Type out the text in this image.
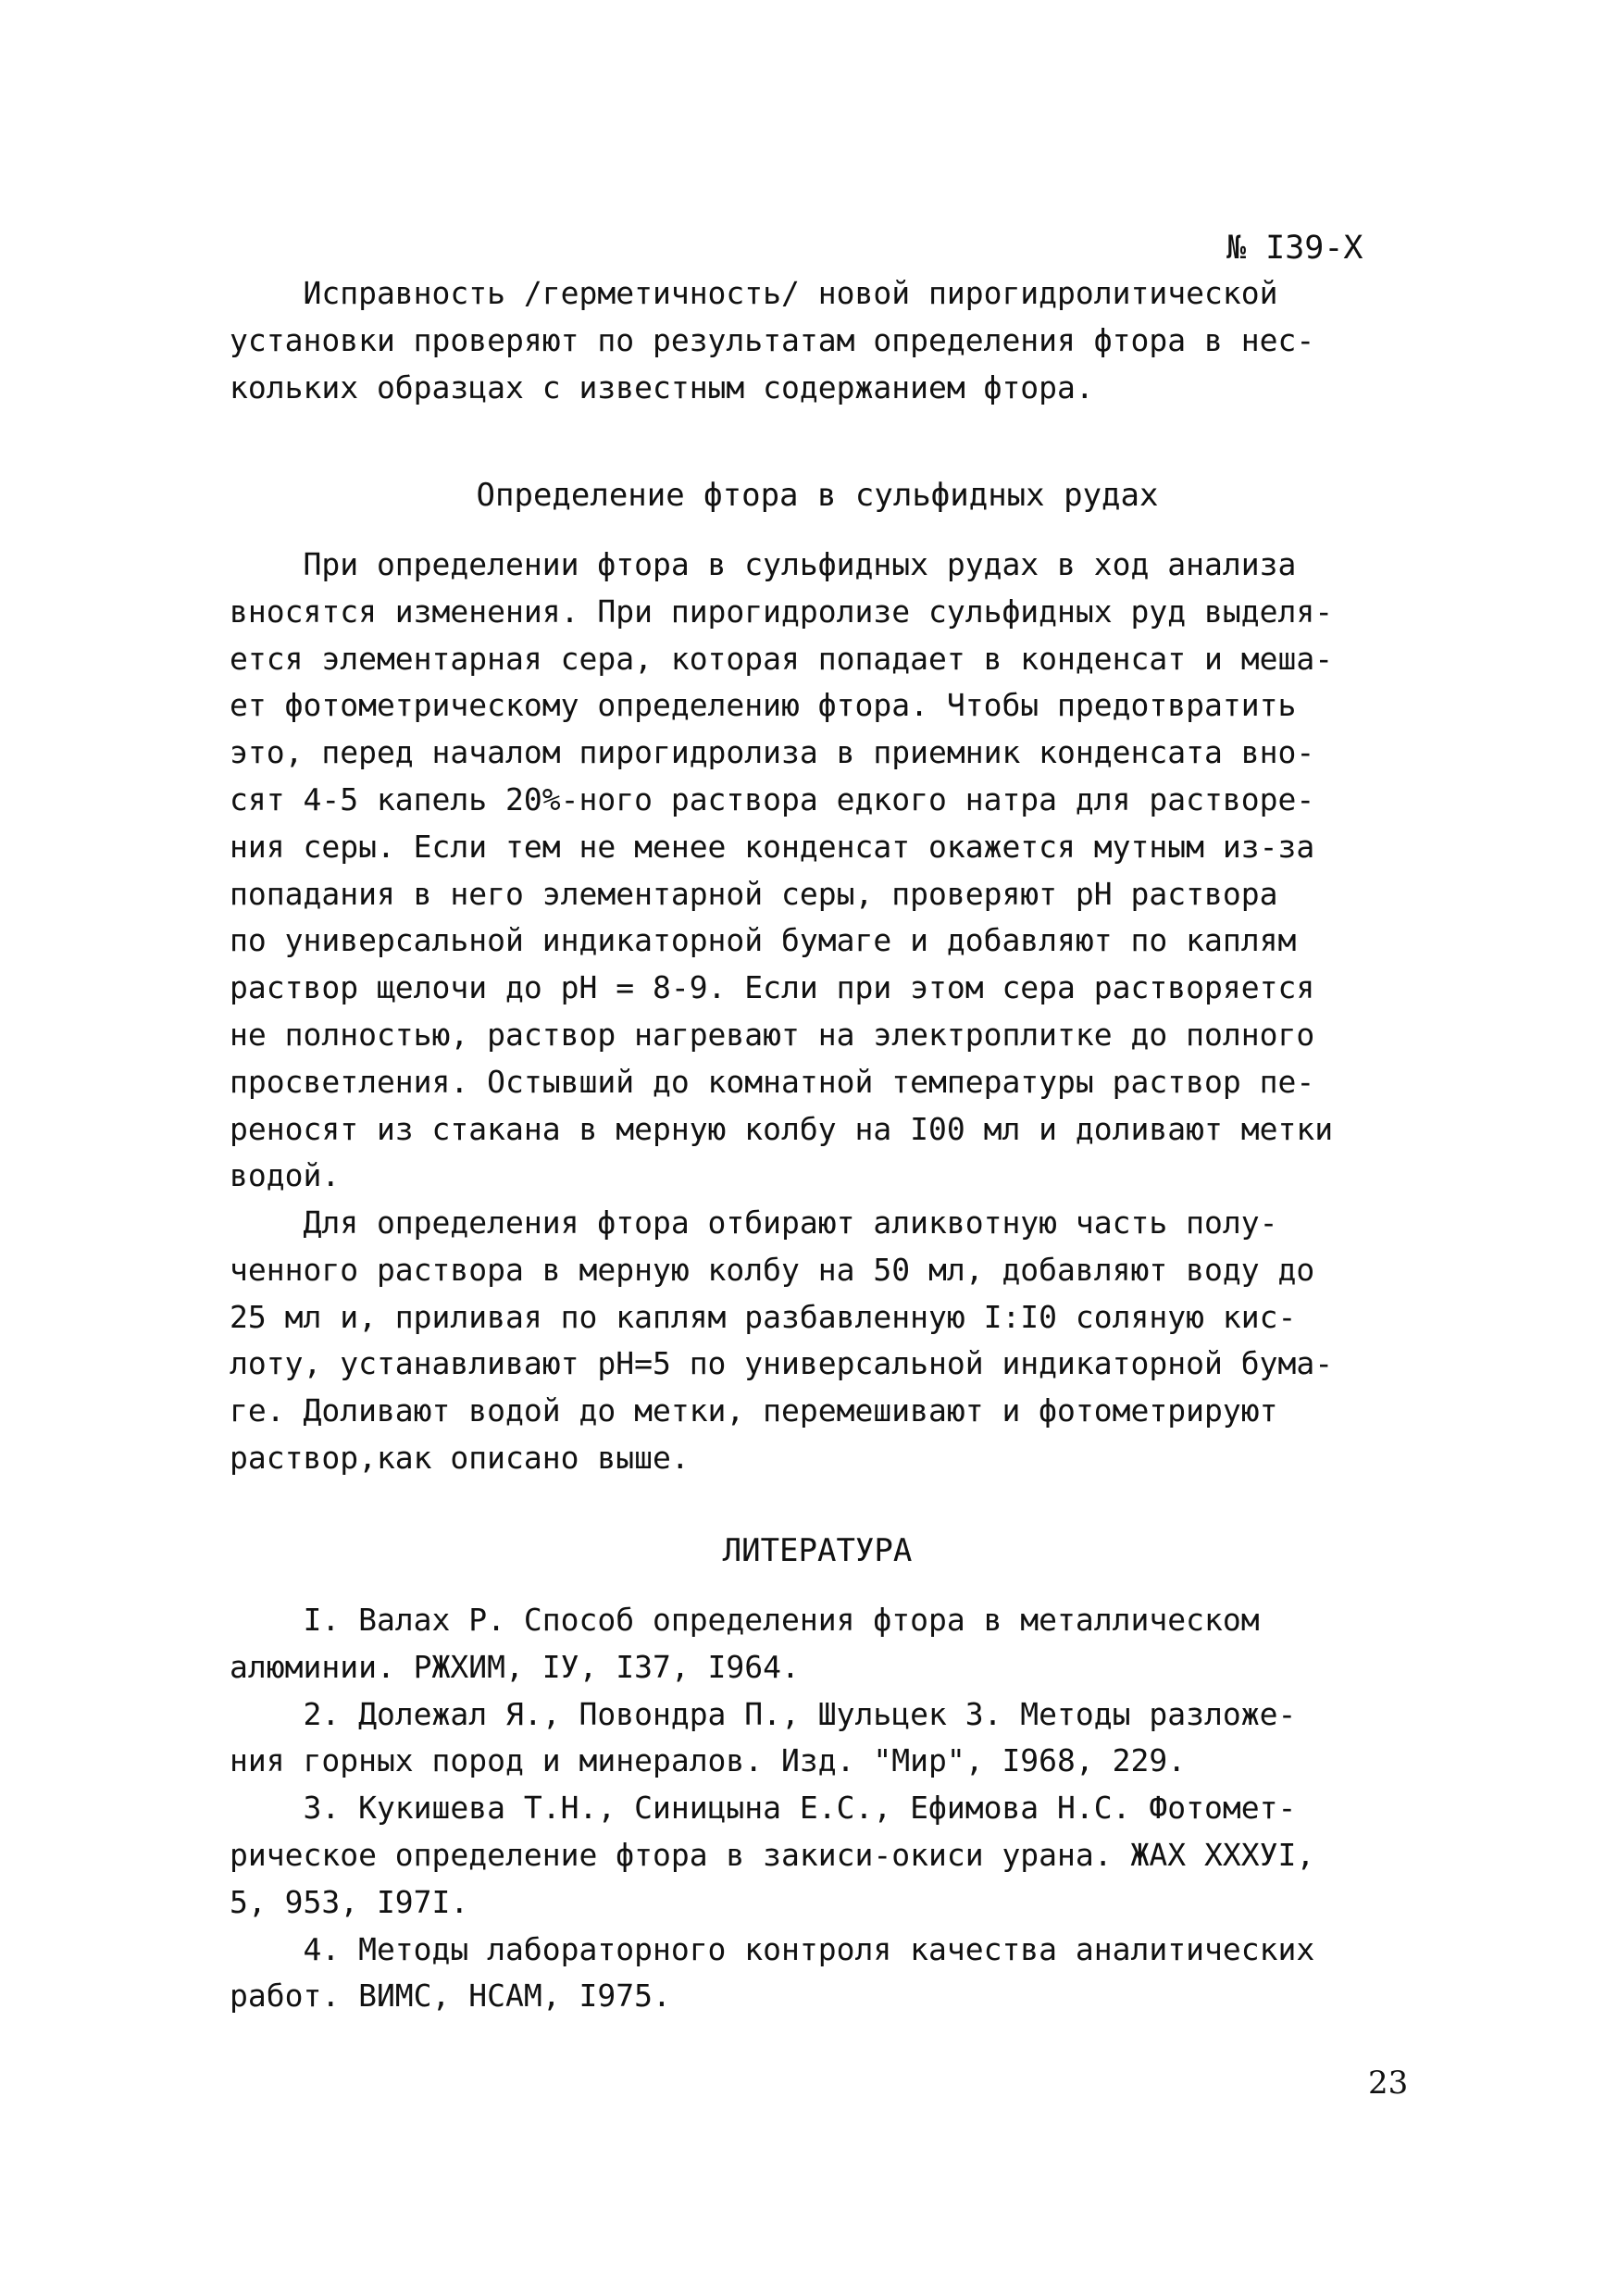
№ I39-X
Исправность /герметичность/ новой пирогидролитической
установки проверяют по результатам определения фтора в нес-
кольких образцах с известным содержанием фтора.
Определение фтора в сульфидных рудах
При определении фтора в сульфидных рудах в ход анализа
вносятся изменения. При пирогидролизе сульфидных руд выделя-
ется элементарная сера, которая попадает в конденсат и меша-
ет фотометрическому определению фтора. Чтобы предотвратить
это, перед началом пирогидролиза в приемник конденсата вно-
сят 4-5 капель 20%-ного раствора едкого натра для растворе-
ния серы. Если тем не менее конденсат окажется мутным из-за
попадания в него элементарной серы, проверяют pH раствора
по универсальной индикаторной бумаге и добавляют по каплям
раствор щелочи до pH = 8-9. Если при этом сера растворяется
не полностью, раствор нагревают на электроплитке до полного
просветления. Остывший до комнатной температуры раствор пе-
реносят из стакана в мерную колбу на I00 мл и доливают метки
водой.
Для определения фтора отбирают аликвотную часть полу-
ченного раствора в мерную колбу на 50 мл, добавляют воду до
25 мл и, приливая по каплям разбавленную I:I0 соляную кис-
лоту, устанавливают pH=5 по универсальной индикаторной бума-
ге. Доливают водой до метки, перемешивают и фотометрируют
раствор,как описано выше.
ЛИТЕРАТУРА
I. Валах Р. Способ определения фтора в металлическом
алюминии. РЖХИМ, IУ, I37, I964.
2. Долежал Я., Повондра П., Шульцек З. Методы разложе-
ния горных пород и минералов. Изд. "Мир", I968, 229.
3. Кукишева Т.Н., Синицына Е.С., Ефимова Н.С. Фотомет-
рическое определение фтора в закиси-окиси урана. ЖАХ XXXУI,
5, 953, I97I.
4. Методы лабораторного контроля качества аналитических
работ. ВИМС, НСАМ, I975.
23
